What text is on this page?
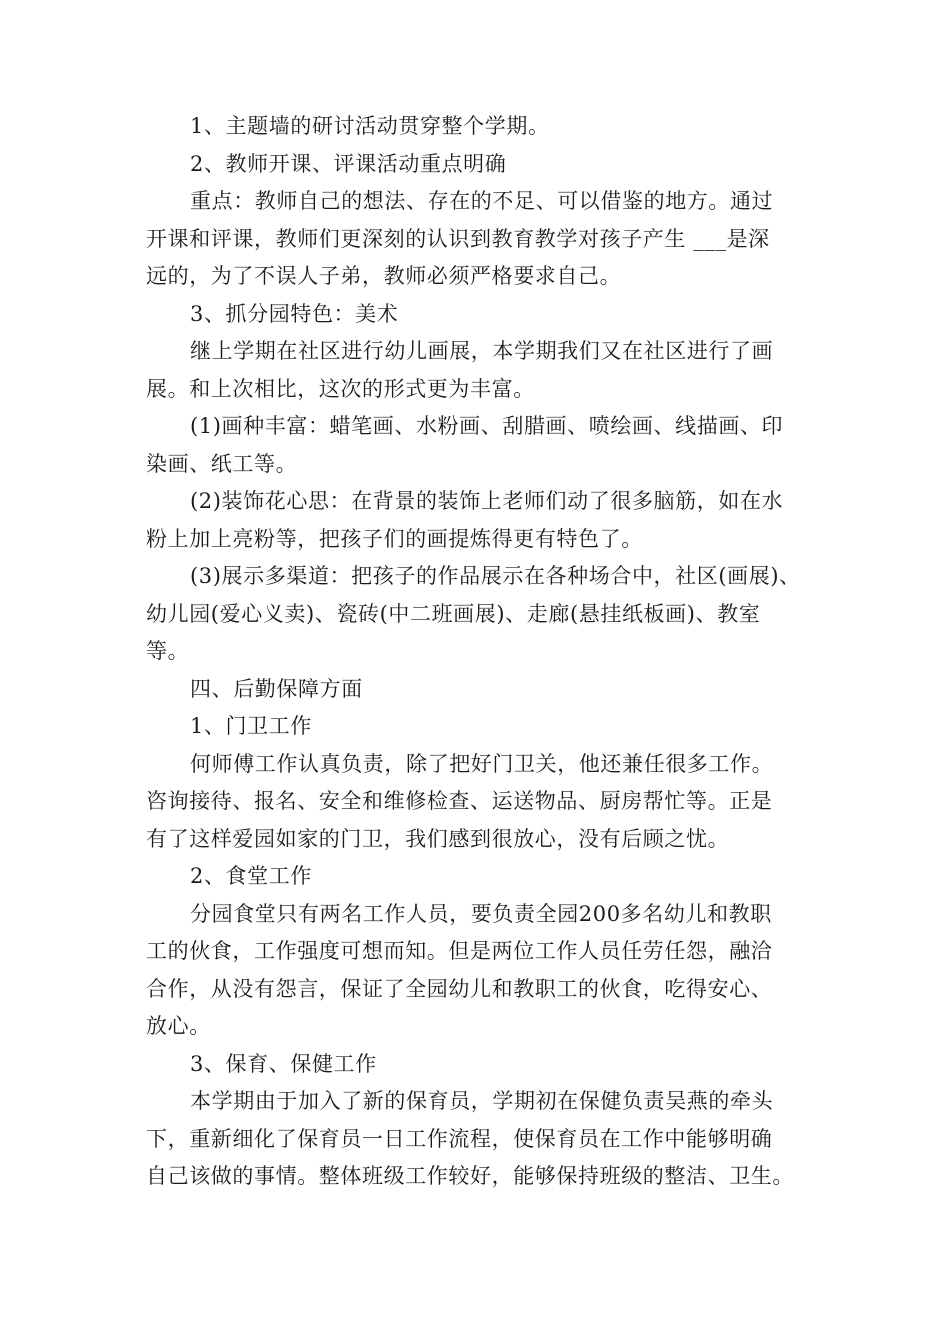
1、主题墙的研讨活动贯穿整个学期。
2、教师开课、评课活动重点明确
重点：教师自己的想法、存在的不足、可以借鉴的地方。通过
开课和评课，教师们更深刻的认识到教育教学对孩子产生 ___是深
远的，为了不误人子弟，教师必须严格要求自己。
3、抓分园特色：美术
继上学期在社区进行幼儿画展，本学期我们又在社区进行了画
展。和上次相比，这次的形式更为丰富。
(1)画种丰富：蜡笔画、水粉画、刮腊画、喷绘画、线描画、印
染画、纸工等。
(2)装饰花心思：在背景的装饰上老师们动了很多脑筋，如在水
粉上加上亮粉等，把孩子们的画提炼得更有特色了。
(3)展示多渠道：把孩子的作品展示在各种场合中，社区(画展)、
幼儿园(爱心义卖)、瓷砖(中二班画展)、走廊(悬挂纸板画)、教室
等。
四、后勤保障方面
1、门卫工作
何师傅工作认真负责，除了把好门卫关，他还兼任很多工作。
咨询接待、报名、安全和维修检查、运送物品、厨房帮忙等。正是
有了这样爱园如家的门卫，我们感到很放心，没有后顾之忧。
2、食堂工作
分园食堂只有两名工作人员，要负责全园200多名幼儿和教职
工的伙食，工作强度可想而知。但是两位工作人员任劳任怨，融洽
合作，从没有怨言，保证了全园幼儿和教职工的伙食，吃得安心、
放心。
3、保育、保健工作
本学期由于加入了新的保育员，学期初在保健负责吴燕的牵头
下，重新细化了保育员一日工作流程，使保育员在工作中能够明确
自己该做的事情。整体班级工作较好，能够保持班级的整洁、卫生。
